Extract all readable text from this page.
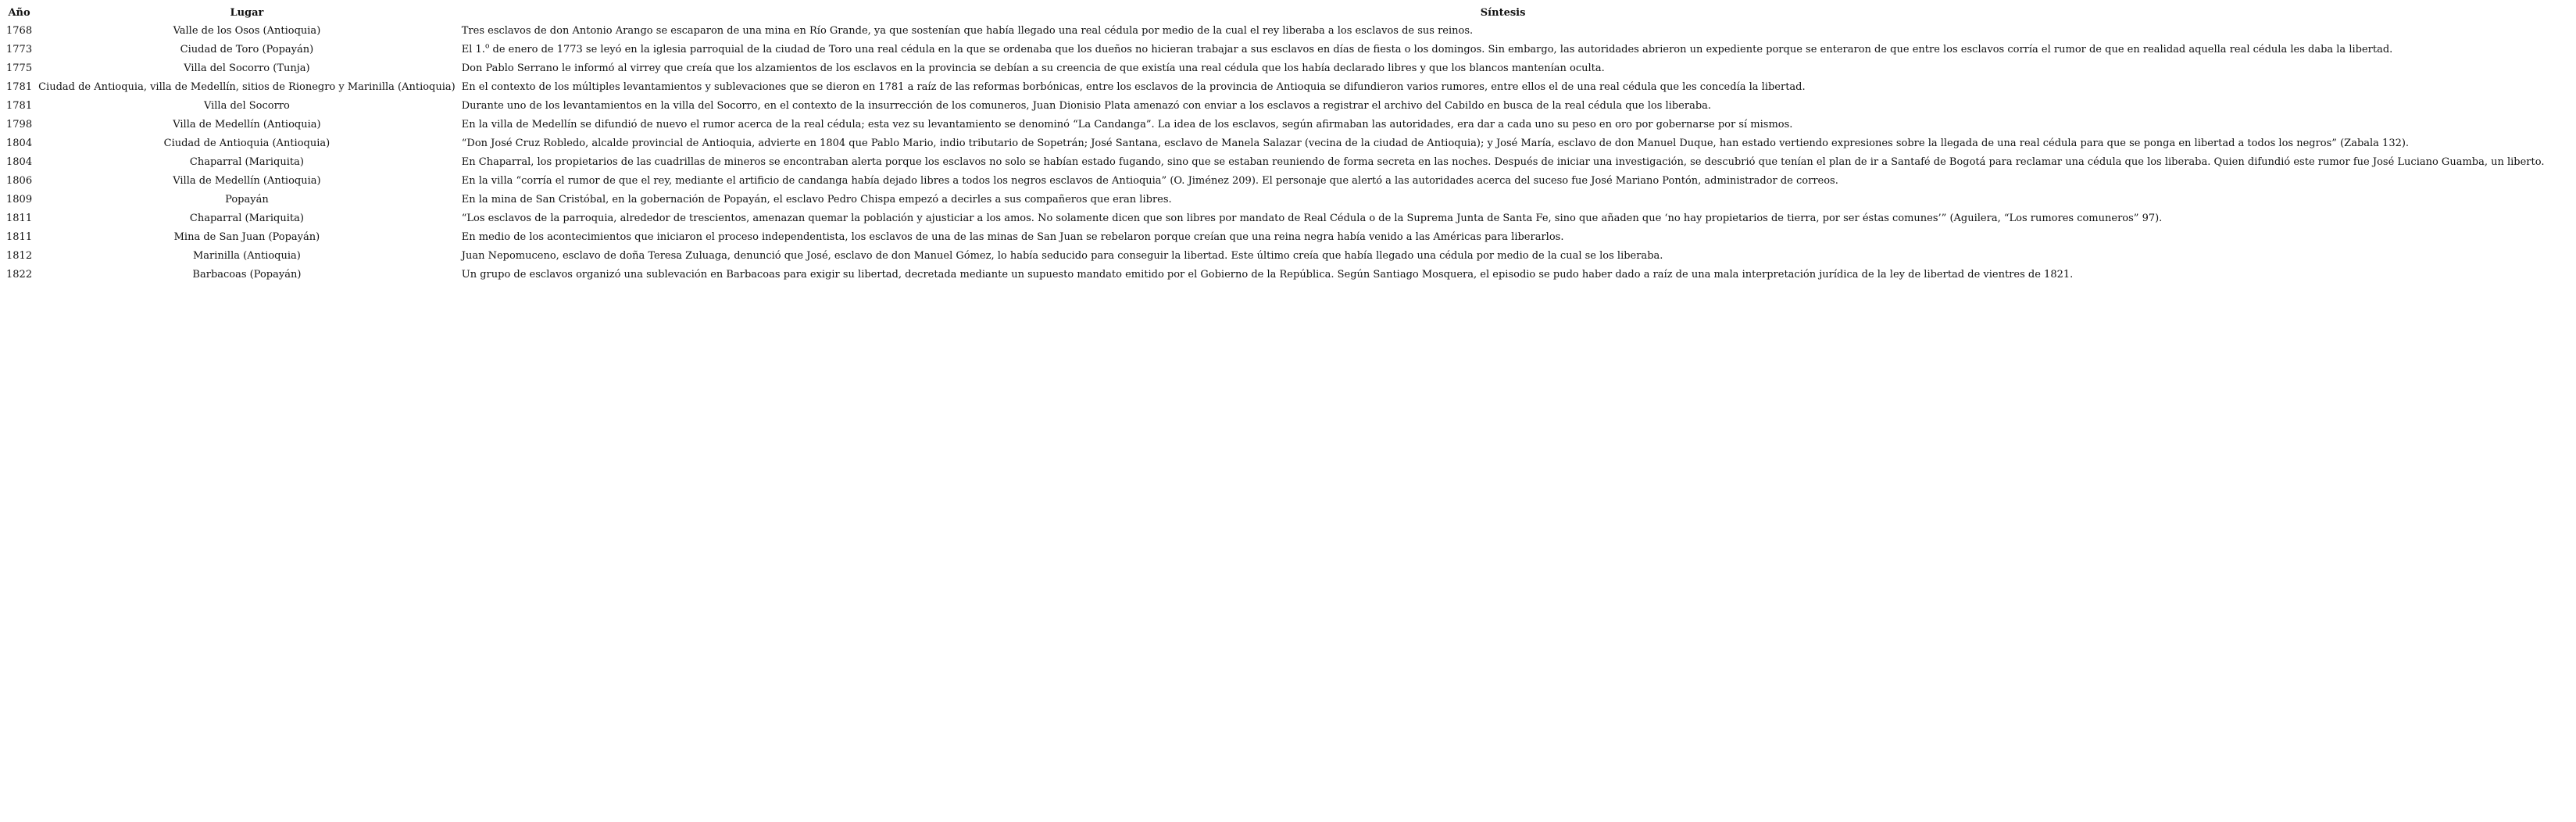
Año	Lugar	Síntesis
1768	Valle de los Osos (Antioquia)	Tres esclavos de don Antonio Arango se escaparon de una mina en Río Grande, ya que sostenían que había llegado una real cédula por medio de la cual el rey liberaba a los esclavos de sus reinos.
1773	Ciudad de Toro (Popayán)	El 1.$^o$ de enero de 1773 se leyó en la iglesia parroquial de la ciudad de Toro una real cédula en la que se ordenaba que los dueños no hicieran trabajar a sus esclavos en días de fiesta o los domingos. Sin embargo, las autoridades abrieron un expediente porque se enteraron de que entre los esclavos corría el rumor de que en realidad aquella real cédula les daba la libertad.
1775	Villa del Socorro (Tunja)	Don Pablo Serrano le informó al virrey que creía que los alzamientos de los esclavos en la provincia se debían a su creencia de que existía una real cédula que los había declarado libres y que los blancos mantenían oculta.
1781	Ciudad de Antioquia, villa de Medellín, sitios de Rionegro y Marinilla (Antioquia)	En el contexto de los múltiples levantamientos y sublevaciones que se dieron en 1781 a raíz de las reformas borbónicas, entre los esclavos de la provincia de Antioquia se difundieron varios rumores, entre ellos el de una real cédula que les concedía la libertad.
1781	Villa del Socorro	Durante uno de los levantamientos en la villa del Socorro, en el contexto de la insurrección de los comuneros, Juan Dionisio Plata amenazó con enviar a los esclavos a registrar el archivo del Cabildo en busca de la real cédula que los liberaba.
1798	Villa de Medellín (Antioquia)	En la villa de Medellín se difundió de nuevo el rumor acerca de la real cédula; esta vez su levantamiento se denominó “La Candanga”. La idea de los esclavos, según afirmaban las autoridades, era dar a cada uno su peso en oro por gobernarse por sí mismos.
1804	Ciudad de Antioquia (Antioquia)	“Don José Cruz Robledo, alcalde provincial de Antioquia, advierte en 1804 que Pablo Mario, indio tributario de Sopetrán; José Santana, esclavo de Manela Salazar (vecina de la ciudad de Antioquia); y José María, esclavo de don Manuel Duque, han estado vertiendo expresiones sobre la llegada de una real cédula para que se ponga en libertad a todos los negros” (Zabala 132).
1804	Chaparral (Mariquita)	En Chaparral, los propietarios de las cuadrillas de mineros se encontraban alerta porque los esclavos no solo se habían estado fugando, sino que se estaban reuniendo de forma secreta en las noches. Después de iniciar una investigación, se descubrió que tenían el plan de ir a Santafé de Bogotá para reclamar una cédula que los liberaba. Quien difundió este rumor fue José Luciano Guamba, un liberto.
1806	Villa de Medellín (Antioquia)	En la villa “corría el rumor de que el rey, mediante el artificio de candanga había dejado libres a todos los negros esclavos de Antioquia” (O. Jiménez 209). El personaje que alertó a las autoridades acerca del suceso fue José Mariano Pontón, administrador de correos.
1809	Popayán	En la mina de San Cristóbal, en la gobernación de Popayán, el esclavo Pedro Chispa empezó a decirles a sus compañeros que eran libres.
1811	Chaparral (Mariquita)	“Los esclavos de la parroquia, alrededor de trescientos, amenazan quemar la población y ajusticiar a los amos. No solamente dicen que son libres por mandato de Real Cédula o de la Suprema Junta de Santa Fe, sino que añaden que ‘no hay propietarios de tierra, por ser éstas comunes’” (Aguilera, “Los rumores comuneros” 97).
1811	Mina de San Juan (Popayán)	En medio de los acontecimientos que iniciaron el proceso independentista, los esclavos de una de las minas de San Juan se rebelaron porque creían que una reina negra había venido a las Américas para liberarlos.
1812	Marinilla (Antioquia)	Juan Nepomuceno, esclavo de doña Teresa Zuluaga, denunció que José, esclavo de don Manuel Gómez, lo había seducido para conseguir la libertad. Este último creía que había llegado una cédula por medio de la cual se los liberaba.
1822	Barbacoas (Popayán)	Un grupo de esclavos organizó una sublevación en Barbacoas para exigir su libertad, decretada mediante un supuesto mandato emitido por el Gobierno de la República. Según Santiago Mosquera, el episodio se pudo haber dado a raíz de una mala interpretación jurídica de la ley de libertad de vientres de 1821.
